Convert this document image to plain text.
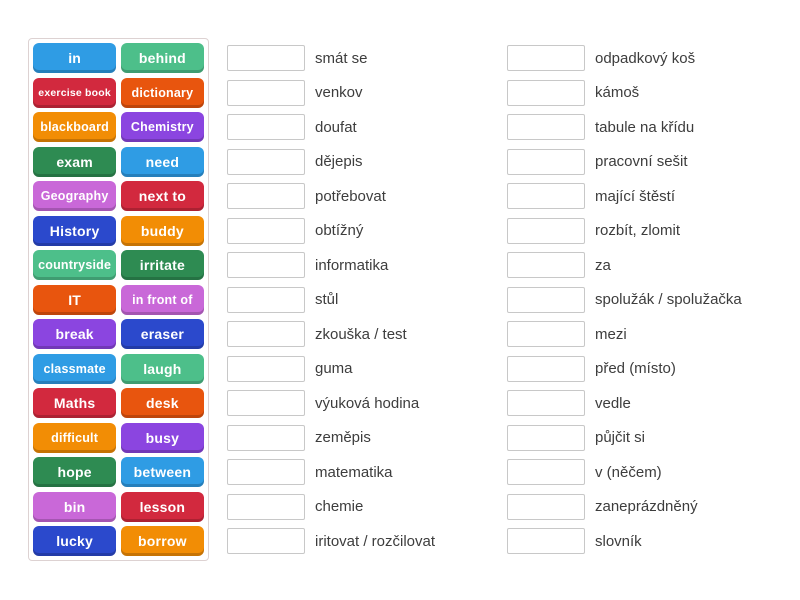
in	behind
exercise book	dictionary
blackboard	Chemistry
exam	need
Geography	next to
History	buddy
countryside	irritate
IT	in front of
break	eraser
classmate	laugh
Maths	desk
difficult	busy
hope	between
bin	lesson
lucky	borrow
smát se
venkov
doufat
dějepis
potřebovat
obtížný
informatika
stůl
zkouška / test
guma
výuková hodina
zeměpis
matematika
chemie
iritovat / rozčilovat
odpadkový koš
kámoš
tabule na křídu
pracovní sešit
mající štěstí
rozbít, zlomit
za
spolužák / spolužačka
mezi
před (místo)
vedle
půjčit si
v (něčem)
zaneprázdněný
slovník
